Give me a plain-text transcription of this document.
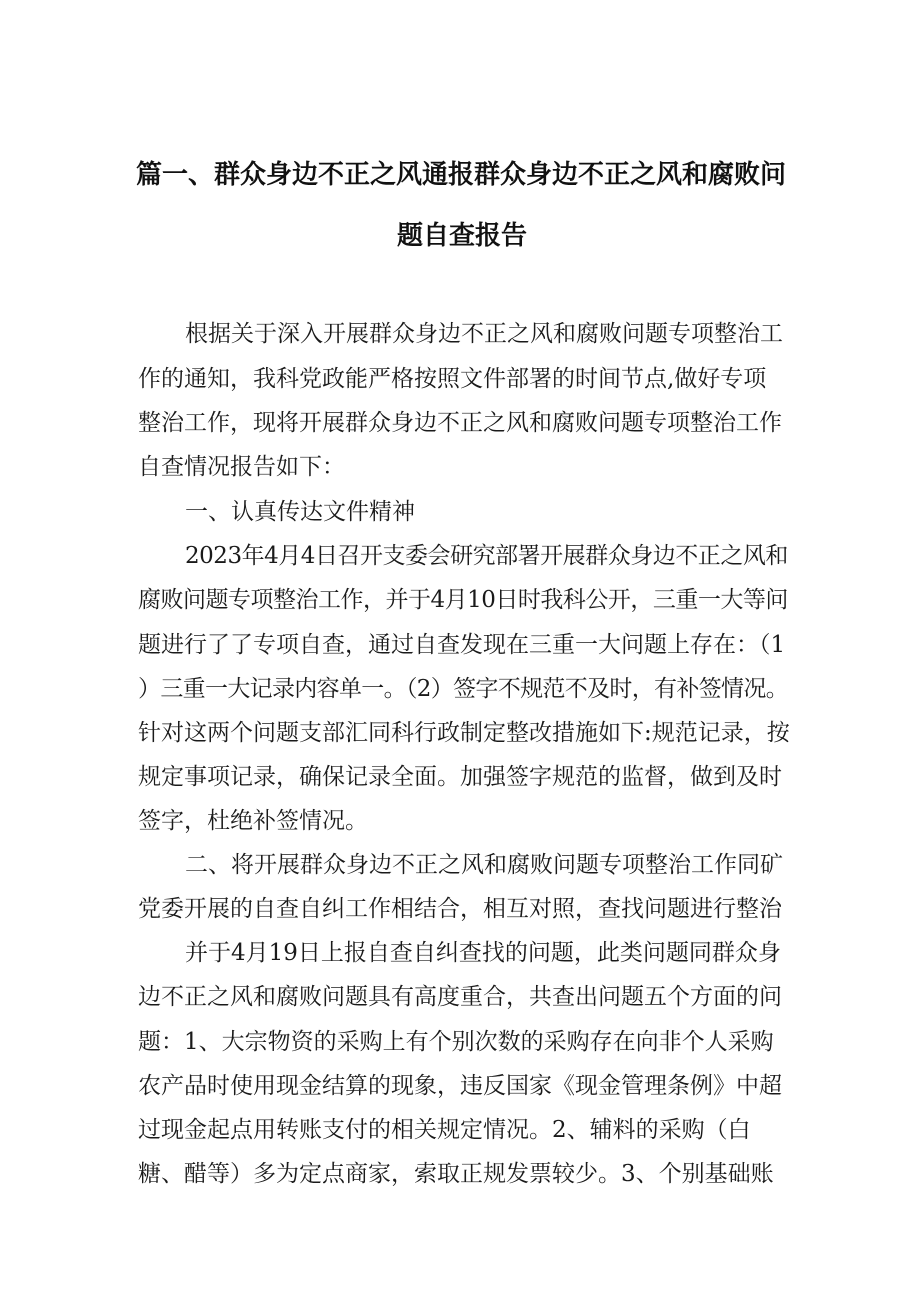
篇一、群众身边不正之风通报群众身边不正之风和腐败问
题自查报告
根据关于深入开展群众身边不正之风和腐败问题专项整治工
作的通知，我科党政能严格按照文件部署的时间节点,做好专项
整治工作，现将开展群众身边不正之风和腐败问题专项整治工作
自查情况报告如下：
一、认真传达文件精神
2023年4月4日召开支委会研究部署开展群众身边不正之风和
腐败问题专项整治工作，并于4月10日时我科公开，三重一大等问
题进行了了专项自查，通过自查发现在三重一大问题上存在：（1
）三重一大记录内容单一。（2）签字不规范不及时，有补签情况。
针对这两个问题支部汇同科行政制定整改措施如下:规范记录，按
规定事项记录，确保记录全面。加强签字规范的监督，做到及时
签字，杜绝补签情况。
二、将开展群众身边不正之风和腐败问题专项整治工作同矿
党委开展的自查自纠工作相结合，相互对照，查找问题进行整治
并于4月19日上报自查自纠查找的问题，此类问题同群众身
边不正之风和腐败问题具有高度重合，共查出问题五个方面的问
题：1、大宗物资的采购上有个别次数的采购存在向非个人采购
农产品时使用现金结算的现象，违反国家《现金管理条例》中超
过现金起点用转账支付的相关规定情况。2、辅料的采购（白
糖、醋等）多为定点商家，索取正规发票较少。3、个别基础账
